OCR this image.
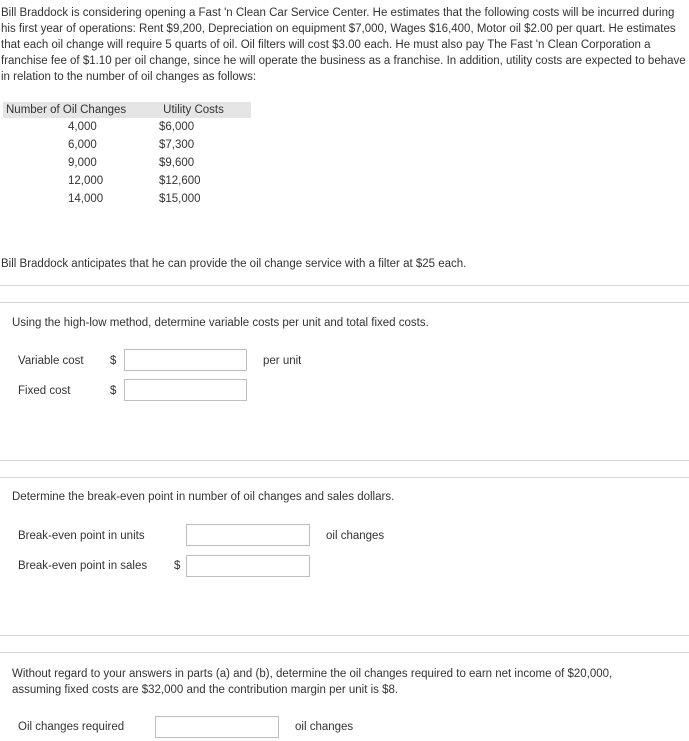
Bill Braddock is considering opening a Fast 'n Clean Car Service Center. He estimates that the following costs will be incurred during his first year of operations: Rent $9,200, Depreciation on equipment $7,000, Wages $16,400, Motor oil $2.00 per quart. He estimates that each oil change will require 5 quarts of oil. Oil filters will cost $3.00 each. He must also pay The Fast 'n Clean Corporation a franchise fee of $1.10 per oil change, since he will operate the business as a franchise. In addition, utility costs are expected to behave in relation to the number of oil changes as follows:
Number of Oil Changes	Utility Costs
4,000	$6,000
6,000	$7,300
9,000	$9,600
12,000	$12,600
14,000	$15,000
Bill Braddock anticipates that he can provide the oil change service with a filter at $25 each.
Using the high-low method, determine variable costs per unit and total fixed costs.
Variable cost $	per unit
Fixed cost	$
Determine the break-even point in number of oil changes and sales dollars.
Break-even point in units	oil changes
Break-even point in sales $
Without regard to your answers in parts (a) and (b), determine the oil changes required to earn net income of $20,000, assuming fixed costs are $32,000 and the contribution margin per unit is $8.
Oil changes required	oil changes
